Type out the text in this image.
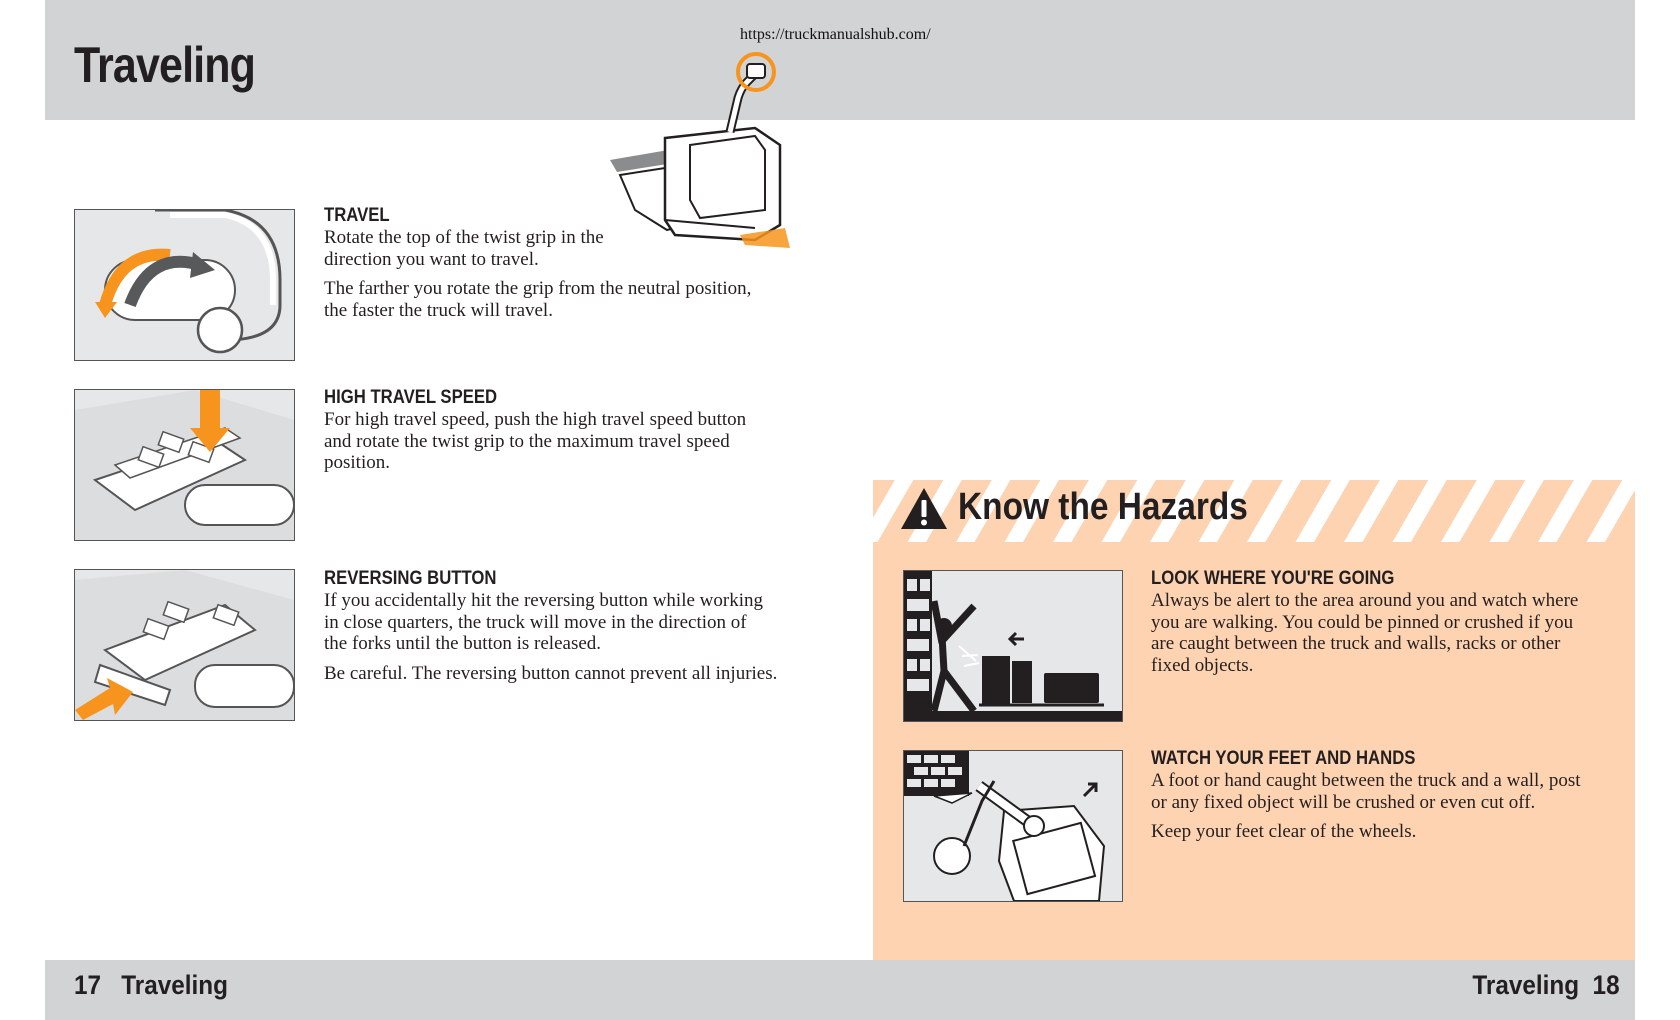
Traveling
https://truckmanualshub.com/
TRAVEL

Rotate the top of the twist grip in the

direction you want to travel.

The farther you rotate the grip from the neutral position,

the faster the truck will travel.

HIGH TRAVEL SPEED

For high travel speed, push the high travel speed button

and rotate the twist grip to the maximum travel speed

position.

REVERSING BUTTON

If you accidentally hit the reversing button while working

in close quarters, the truck will move in the direction of

the forks until the button is released.

Be careful. The reversing button cannot prevent all injuries.

Know the Hazards
LOOK WHERE YOU'RE GOING

Always be alert to the area around you and watch where

you are walking. You could be pinned or crushed if you

are caught between the truck and walls, racks or other

fixed objects.

WATCH YOUR FEET AND HANDS

A foot or hand caught between the truck and a wall, post

or any fixed object will be crushed or even cut off.

Keep your feet clear of the wheels.

17   Traveling	Traveling  18
